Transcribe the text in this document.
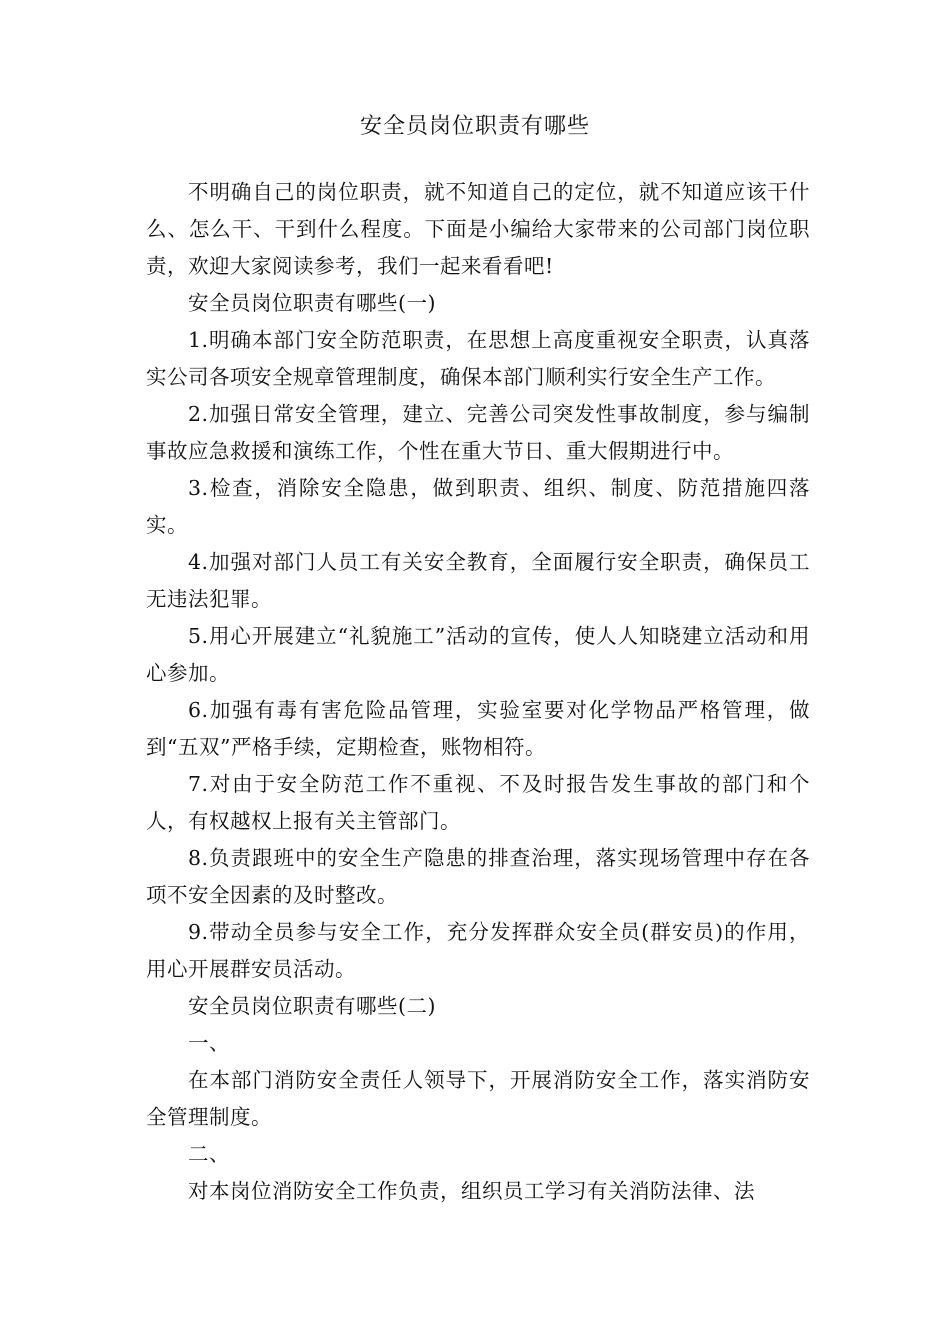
安全员岗位职责有哪些

不明确自己的岗位职责，就不知道自己的定位，就不知道应该干什么、怎么干、干到什么程度。下面是小编给大家带来的公司部门岗位职责，欢迎大家阅读参考，我们一起来看看吧!

安全员岗位职责有哪些(一)

1.明确本部门安全防范职责，在思想上高度重视安全职责，认真落实公司各项安全规章管理制度，确保本部门顺利实行安全生产工作。

2.加强日常安全管理，建立、完善公司突发性事故制度，参与编制事故应急救援和演练工作，个性在重大节日、重大假期进行中。

3.检查，消除安全隐患，做到职责、组织、制度、防范措施四落实。

4.加强对部门人员工有关安全教育，全面履行安全职责，确保员工无违法犯罪。

5.用心开展建立“礼貌施工”活动的宣传，使人人知晓建立活动和用心参加。

6.加强有毒有害危险品管理，实验室要对化学物品严格管理，做到“五双”严格手续，定期检查，账物相符。

7.对由于安全防范工作不重视、不及时报告发生事故的部门和个人，有权越权上报有关主管部门。

8.负责跟班中的安全生产隐患的排查治理，落实现场管理中存在各项不安全因素的及时整改。

9.带动全员参与安全工作，充分发挥群众安全员(群安员)的作用，用心开展群安员活动。

安全员岗位职责有哪些(二)

一、

在本部门消防安全责任人领导下，开展消防安全工作，落实消防安全管理制度。

二、

对本岗位消防安全工作负责，组织员工学习有关消防法律、法
